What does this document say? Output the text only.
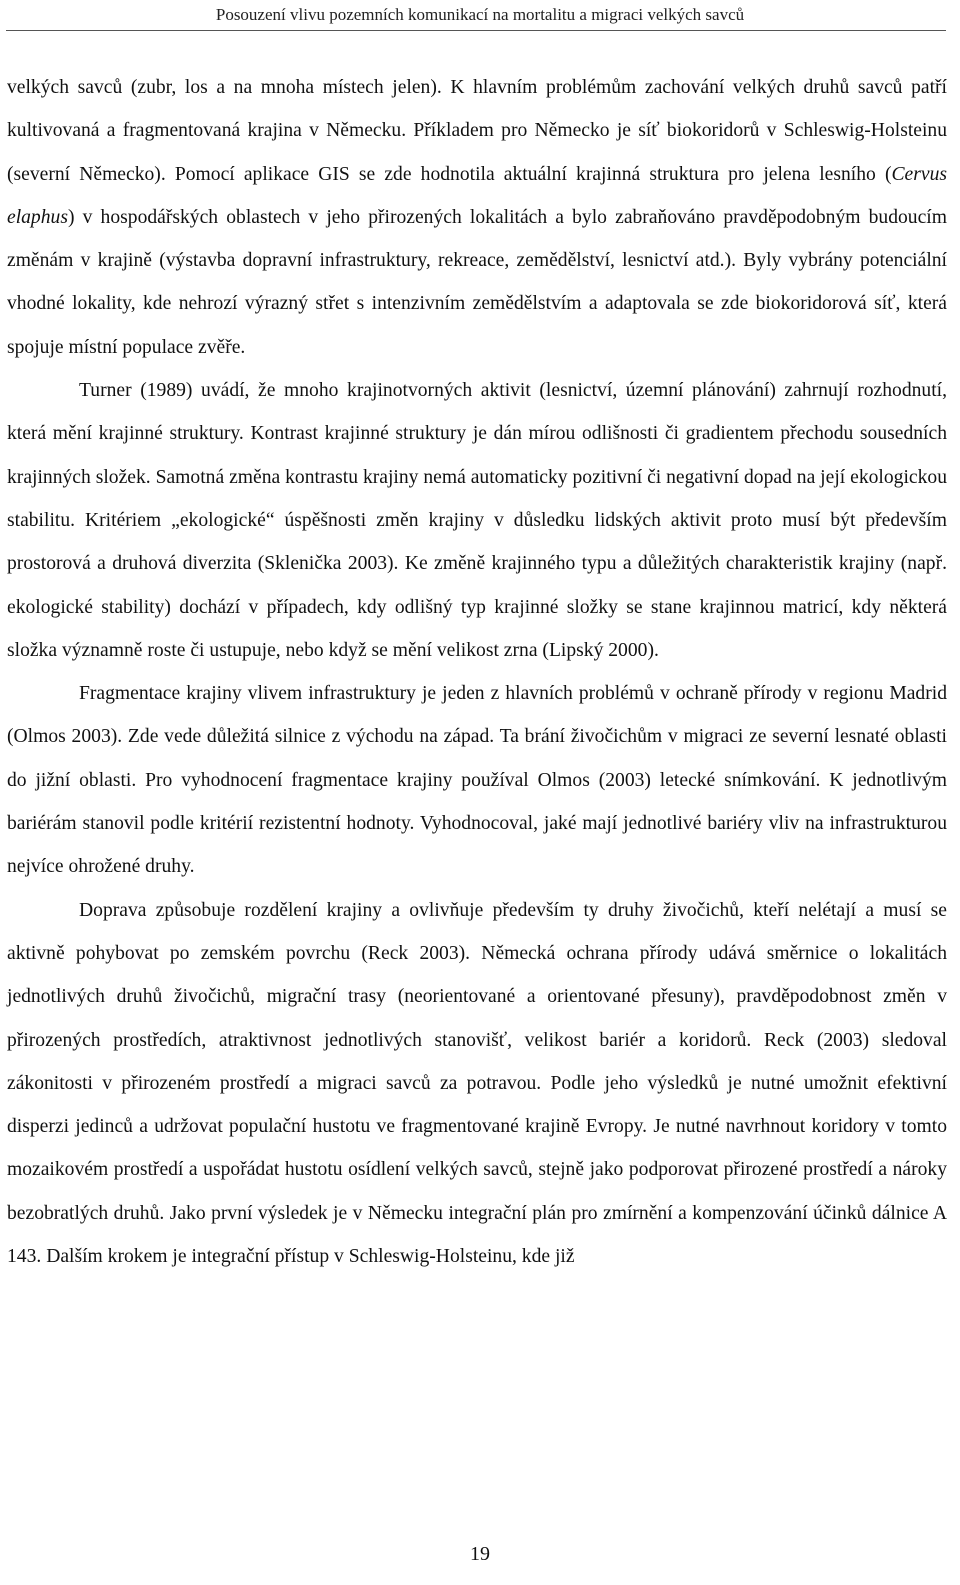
Posouzení vlivu pozemních komunikací na mortalitu a migraci velkých savců

velkých savců (zubr, los a na mnoha místech jelen). K hlavním problémům zachování velkých druhů savců patří kultivovaná a fragmentovaná krajina v Německu. Příkladem pro Německo je síť biokoridorů v Schleswig-Holsteinu (severní Německo). Pomocí aplikace GIS se zde hodnotila aktuální krajinná struktura pro jelena lesního (Cervus elaphus) v hospodářských oblastech v jeho přirozených lokalitách a bylo zabraňováno pravděpodobným budoucím změnám v krajině (výstavba dopravní infrastruktury, rekreace, zemědělství, lesnictví atd.). Byly vybrány potenciální vhodné lokality, kde nehrozí výrazný střet s intenzivním zemědělstvím a adaptovala se zde biokoridorová síť, která spojuje místní populace zvěře.

Turner (1989) uvádí, že mnoho krajinotvorných aktivit (lesnictví, územní plánování) zahrnují rozhodnutí, která mění krajinné struktury. Kontrast krajinné struktury je dán mírou odlišnosti či gradientem přechodu sousedních krajinných složek. Samotná změna kontrastu krajiny nemá automaticky pozitivní či negativní dopad na její ekologickou stabilitu. Kritériem „ekologické“ úspěšnosti změn krajiny v důsledku lidských aktivit proto musí být především prostorová a druhová diverzita (Sklenička 2003). Ke změně krajinného typu a důležitých charakteristik krajiny (např. ekologické stability) dochází v případech, kdy odlišný typ krajinné složky se stane krajinnou matricí, kdy některá složka významně roste či ustupuje, nebo když se mění velikost zrna (Lipský 2000).

Fragmentace krajiny vlivem infrastruktury je jeden z hlavních problémů v ochraně přírody v regionu Madrid (Olmos 2003). Zde vede důležitá silnice z východu na západ. Ta brání živočichům v migraci ze severní lesnaté oblasti do jižní oblasti. Pro vyhodnocení fragmentace krajiny používal Olmos (2003) letecké snímkování. K jednotlivým bariérám stanovil podle kritérií rezistentní hodnoty. Vyhodnocoval, jaké mají jednotlivé bariéry vliv na infrastrukturou nejvíce ohrožené druhy.

Doprava způsobuje rozdělení krajiny a ovlivňuje především ty druhy živočichů, kteří nelétají a musí se aktivně pohybovat po zemském povrchu (Reck 2003). Německá ochrana přírody udává směrnice o lokalitách jednotlivých druhů živočichů, migrační trasy (neorientované a orientované přesuny), pravděpodobnost změn v přirozených prostředích, atraktivnost jednotlivých stanovišť, velikost bariér a koridorů. Reck (2003) sledoval zákonitosti v přirozeném prostředí a migraci savců za potravou. Podle jeho výsledků je nutné umožnit efektivní disperzi jedinců a udržovat populační hustotu ve fragmentované krajině Evropy. Je nutné navrhnout koridory v tomto mozaikovém prostředí a uspořádat hustotu osídlení velkých savců, stejně jako podporovat přirozené prostředí a nároky bezobratlých druhů. Jako první výsledek je v Německu integrační plán pro zmírnění a kompenzování účinků dálnice A 143. Dalším krokem je integrační přístup v Schleswig-Holsteinu, kde již

19
